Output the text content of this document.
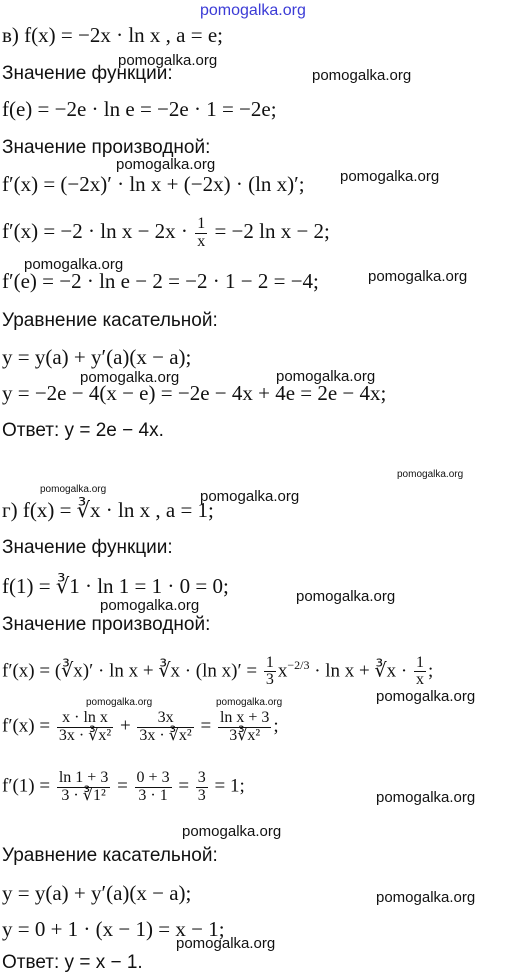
pomogalka.org
в) f(x) = −2x · ln x , a = e;
Значение функции:
f(e) = −2e · ln e = −2e · 1 = −2e;
Значение производной:
f′(x) = (−2x)′ · ln x + (−2x) · (ln x)′;
$f'(x) = -2 \cdot \ln x - 2x \cdot \frac{1}{x} = -2$ ln x − 2;
f′(e) = −2 · ln e − 2 = −2 · 1 − 2 = −4;
Уравнение касательной:
y = y(a) + y′(a)(x − a);
y = −2e − 4(x − e) = −2e − 4x + 4e = 2e − 4x;
Ответ: y = 2e − 4x.
г) f(x) = ∛x · ln x , a = 1;
Значение функции:
f(1) = ∛1 · ln 1 = 1 · 0 = 0;
Значение производной:
f′(x) = (∛x)′ · ln x + ∛x · (ln $x)' = \frac{1}{3} x^{-2/3} \cdot \ln x$ + ∛x · $\frac{1}{x}$ ;
$f'(x) = \frac{\text{x · ln x}}{\text{3x · ∛x²}} + \frac{3x}{\text{3x · ∛x²}} = \frac{\text{ln x + 3}}{\text{3∛x²}}$ ;
$f'(1) = \frac{\ln 1 + 3}{\text{3 · ∛1²}} = \frac{0 + 3}{3 \cdot 1} = \frac{3}{3} = 1$;
Уравнение касательной:
y = y(a) + y′(a)(x − a);
y = 0 + 1 · (x − 1) = x − 1;
Ответ: y = x − 1.
pomogalka.org
pomogalka.org
pomogalka.org
pomogalka.org
pomogalka.org
pomogalka.org
pomogalka.org	pomogalka.org
pomogalka.org
pomogalka.org	pomogalka.org
pomogalka.org
pomogalka.org
pomogalka.org
pomogalka.org	pomogalka.org
pomogalka.org
pomogalka.org
pomogalka.org
pomogalka.org
